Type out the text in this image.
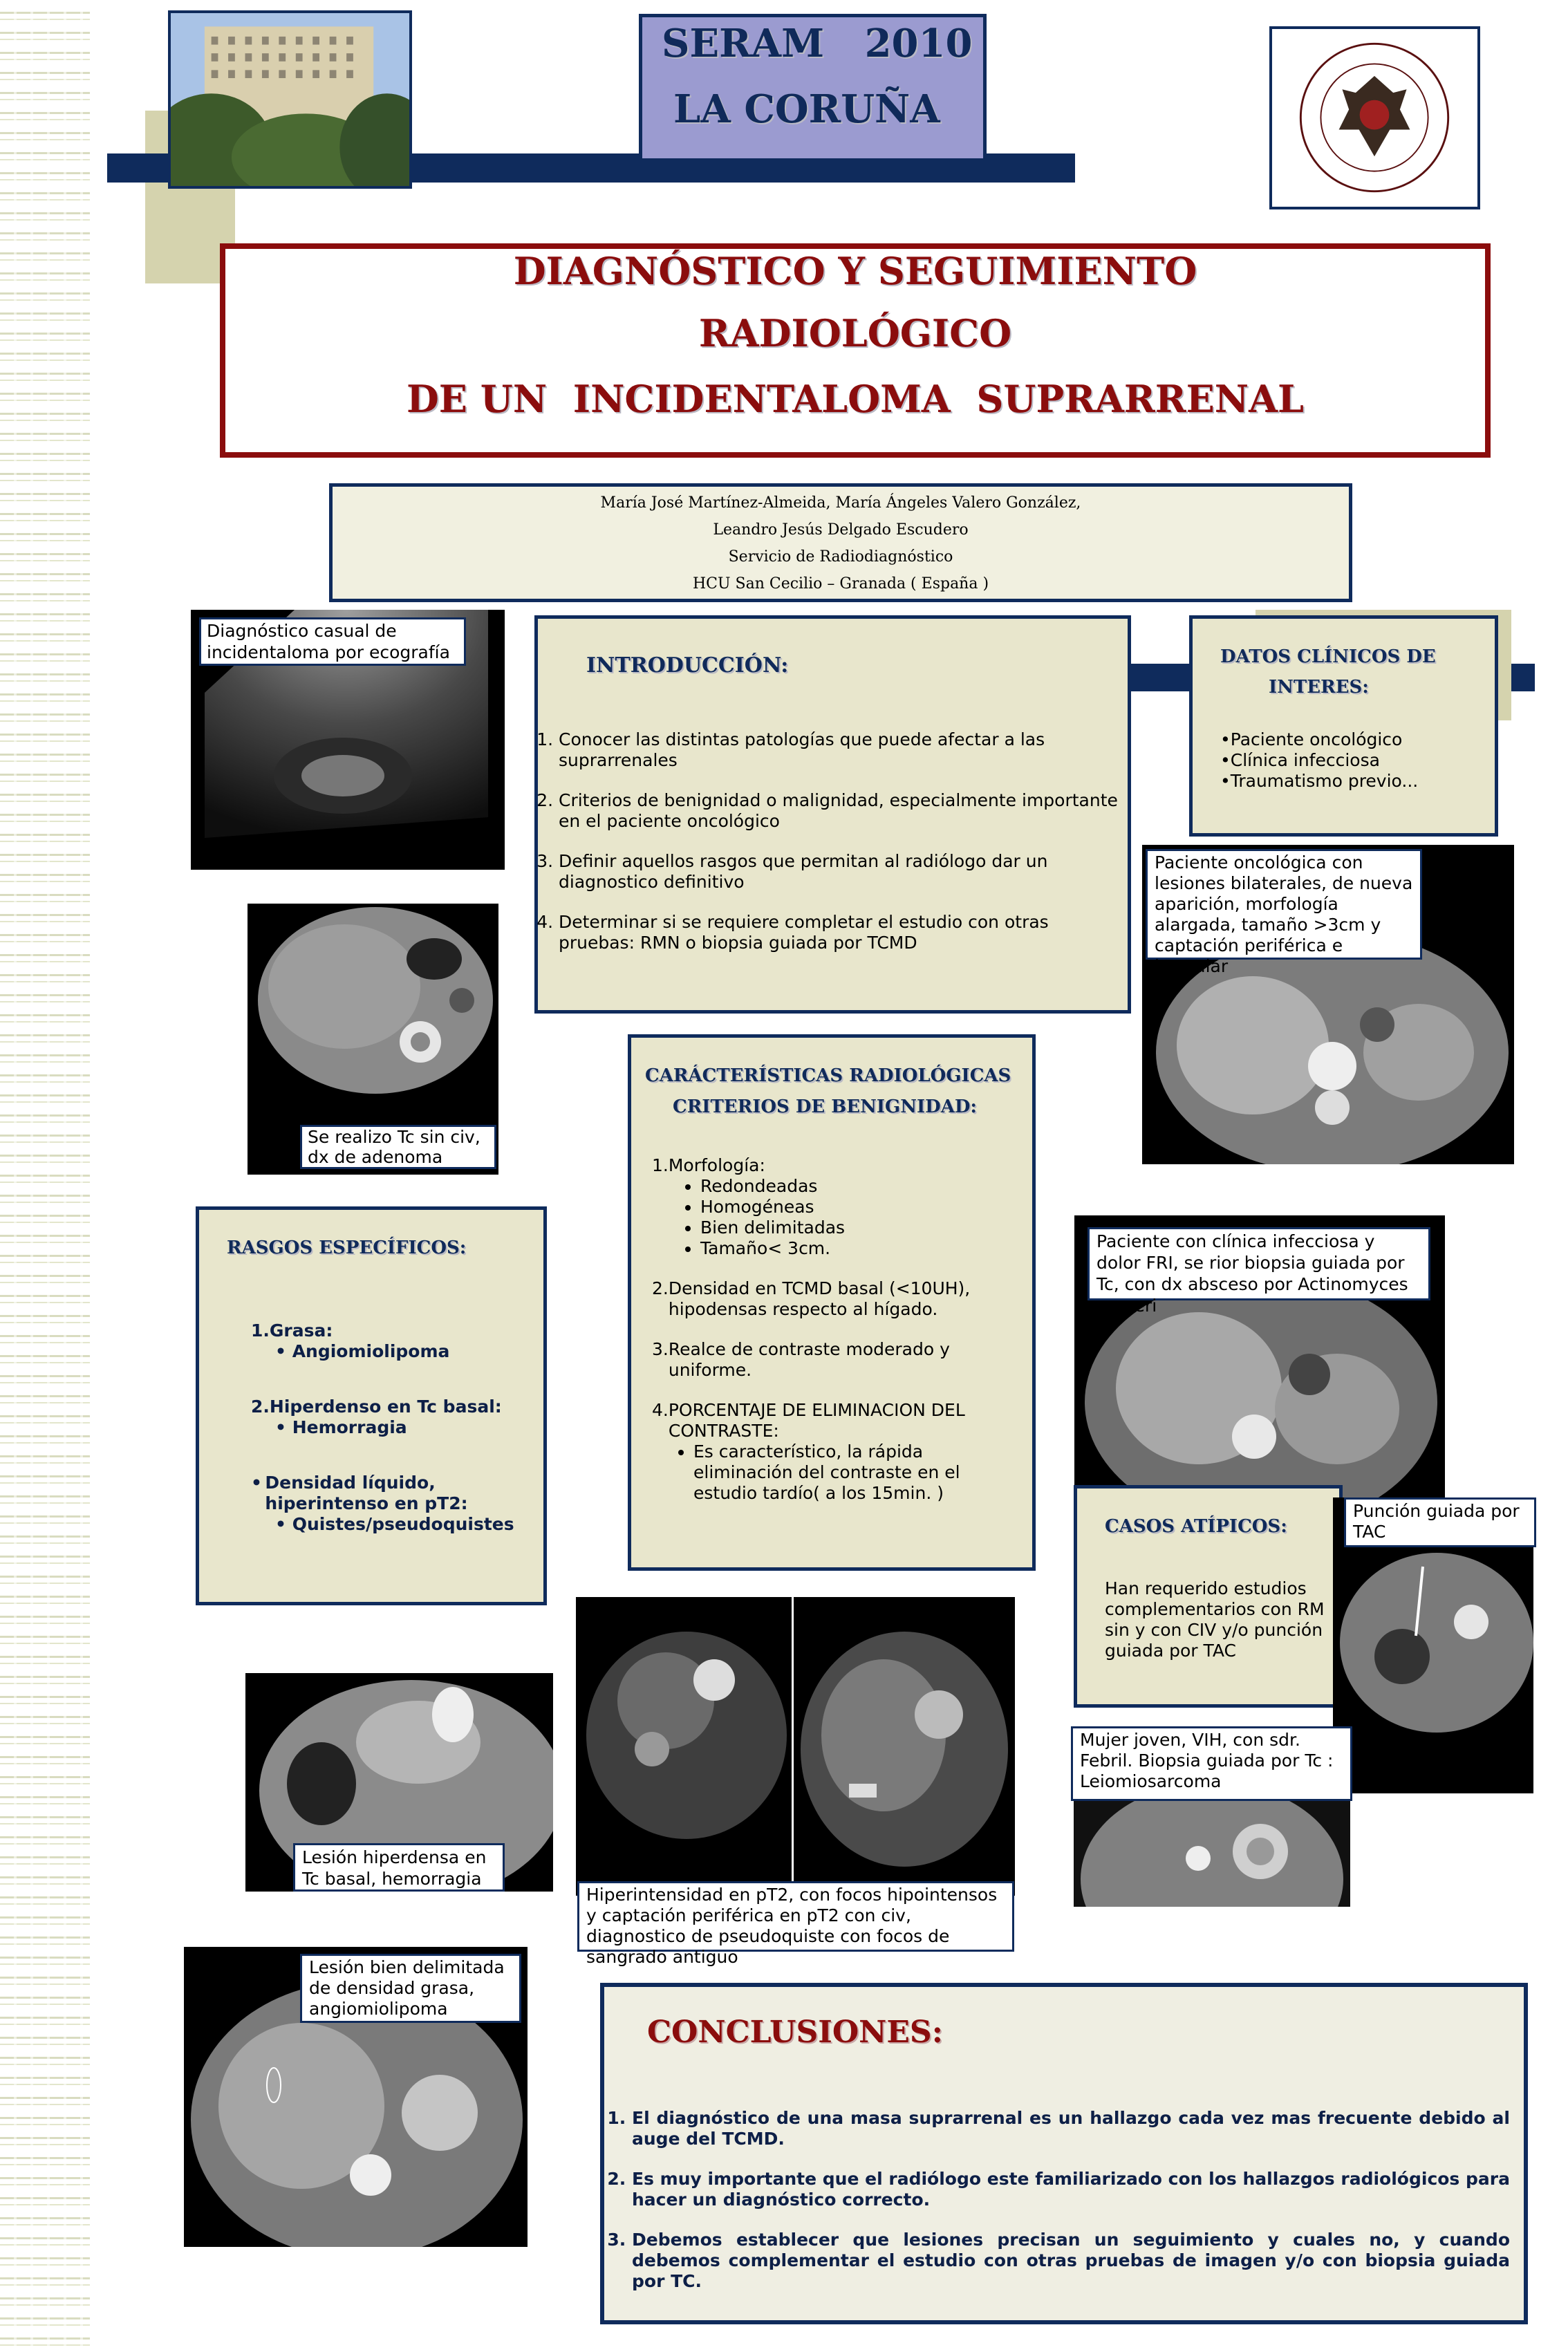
SERAM   2010
LA CORUÑA
DIAGNÓSTICO Y SEGUIMIENTO
RADIOLÓGICO
DE UN  INCIDENTALOMA  SUPRARRENAL
María José Martínez-Almeida, María Ángeles Valero González,
Leandro Jesús Delgado Escudero
Servicio de Radiodiagnóstico
HCU San Cecilio – Granada ( España )
Diagnóstico casual de incidentaloma por ecografía
Se realizo Tc sin civ, dx de adenoma
INTRODUCCIÓN:
1. Conocer las distintas patologías que puede afectar a las suprarrenales
2. Criterios de benignidad o malignidad, especialmente importante en el paciente oncológico
3. Definir aquellos rasgos que permitan al radiólogo dar un diagnostico definitivo
4. Determinar si se requiere completar el estudio con otras pruebas: RMN o biopsia guiada por TCMD
DATOS CLÍNICOS DE
INTERES:
•Paciente oncológico
•Clínica infecciosa
•Traumatismo previo...
Paciente oncológica con lesiones bilaterales, de nueva aparición, morfología alargada, tamaño >3cm y captación periférica e irregular
CARÁCTERÍSTICAS RADIOLÓGICAS
CRITERIOS DE BENIGNIDAD:
1.Morfología:
• Redondeadas
• Homogéneas
• Bien delimitadas
• Tamaño< 3cm.
2. Densidad en TCMD basal (<10UH), hipodensas respecto al hígado.
3. Realce de contraste moderado y uniforme.
4. PORCENTAJE DE ELIMINACION DEL CONTRASTE:
• Es característico, la rápida eliminación del contraste en el estudio tardío( a los 15min. )
RASGOS ESPECÍFICOS:
1.Grasa:
• Angiomiolipoma
2.Hiperdenso en Tc basal:
• Hemorragia
• Densidad líquido, hiperintenso en pT2:
• Quistes/pseudoquistes
Paciente con clínica infecciosa y dolor FRI, se rior biopsia guiada por Tc, con dx absceso por Actinomyces meyeri
CASOS ATÍPICOS:
Han requerido estudios complementarios con RM sin y con CIV y/o punción guiada por TAC
Punción guiada por TAC
Mujer joven, VIH, con sdr. Febril. Biopsia guiada por Tc : Leiomiosarcoma
Lesión hiperdensa en Tc basal, hemorragia
Hiperintensidad en pT2, con focos hipointensos y captación periférica en pT2 con civ, diagnostico de pseudoquiste con focos de sangrado antiguo
Lesión bien delimitada de densidad grasa, angiomiolipoma
CONCLUSIONES:
1. El diagnóstico de una masa suprarrenal es un hallazgo cada vez mas frecuente debido al auge del TCMD.
2. Es muy importante que el radiólogo este familiarizado con los hallazgos radiológicos para hacer un diagnóstico correcto.
3. Debemos establecer que lesiones precisan un seguimiento y cuales no, y cuando debemos complementar el estudio con otras pruebas de imagen y/o con biopsia guiada por TC.
